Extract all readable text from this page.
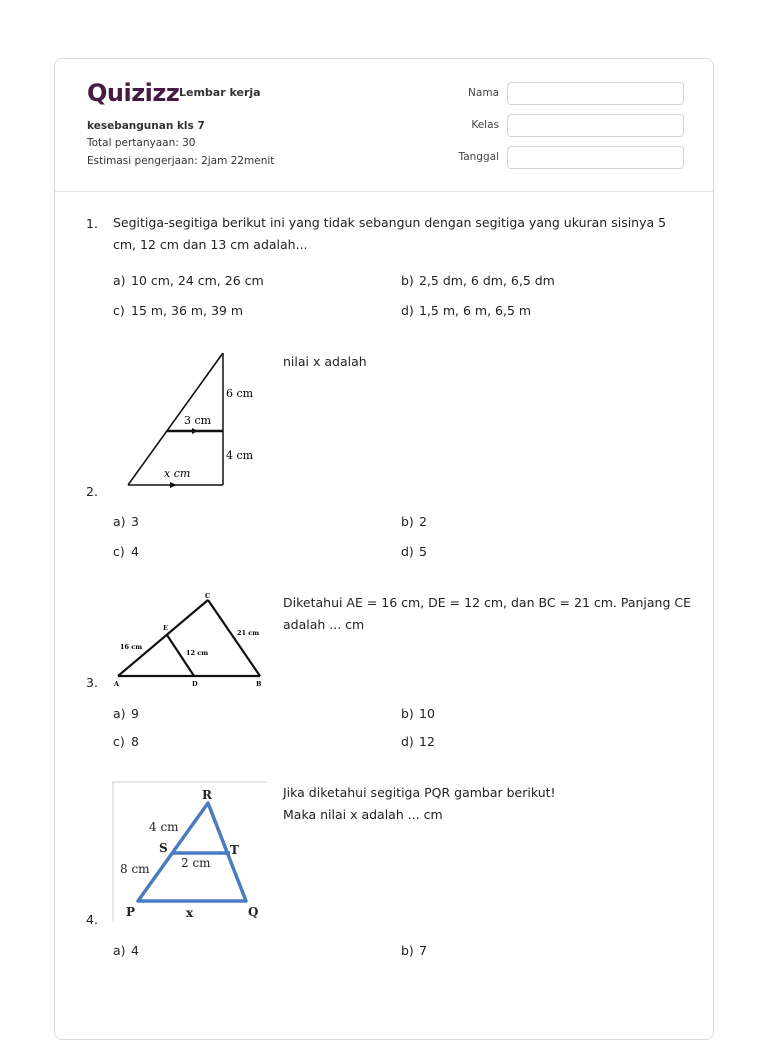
Quizizz Lembar kerja
kesebangunan kls 7
Total pertanyaan: 30
Estimasi pengerjaan: 2jam 22menit
Nama
Kelas
Tanggal
1. Segitiga-segitiga berikut ini yang tidak sebangun dengan segitiga yang ukuran sisinya 5 cm, 12 cm dan 13 cm adalah...
a) 10 cm, 24 cm, 26 cm	b) 2,5 dm, 6 dm, 6,5 dm
c) 15 m, 36 m, 39 m	d) 1,5 m, 6 m, 6,5 m
2.
6 cm
3 cm
4 cm
x cm
nilai x adalah
a) 3	b) 2
c) 4	d) 5
3.
C
E
A	D	B
16 cm
12 cm
21 cm
Diketahui AE = 16 cm, DE = 12 cm, dan BC = 21 cm. Panjang CE
adalah ... cm
a) 9	b) 10
c) 8	d) 12
4.
R
S	T
P	Q
4 cm
2 cm
8 cm
x
Jika diketahui segitiga PQR gambar berikut!
Maka nilai x adalah ... cm
a) 4	b) 7
